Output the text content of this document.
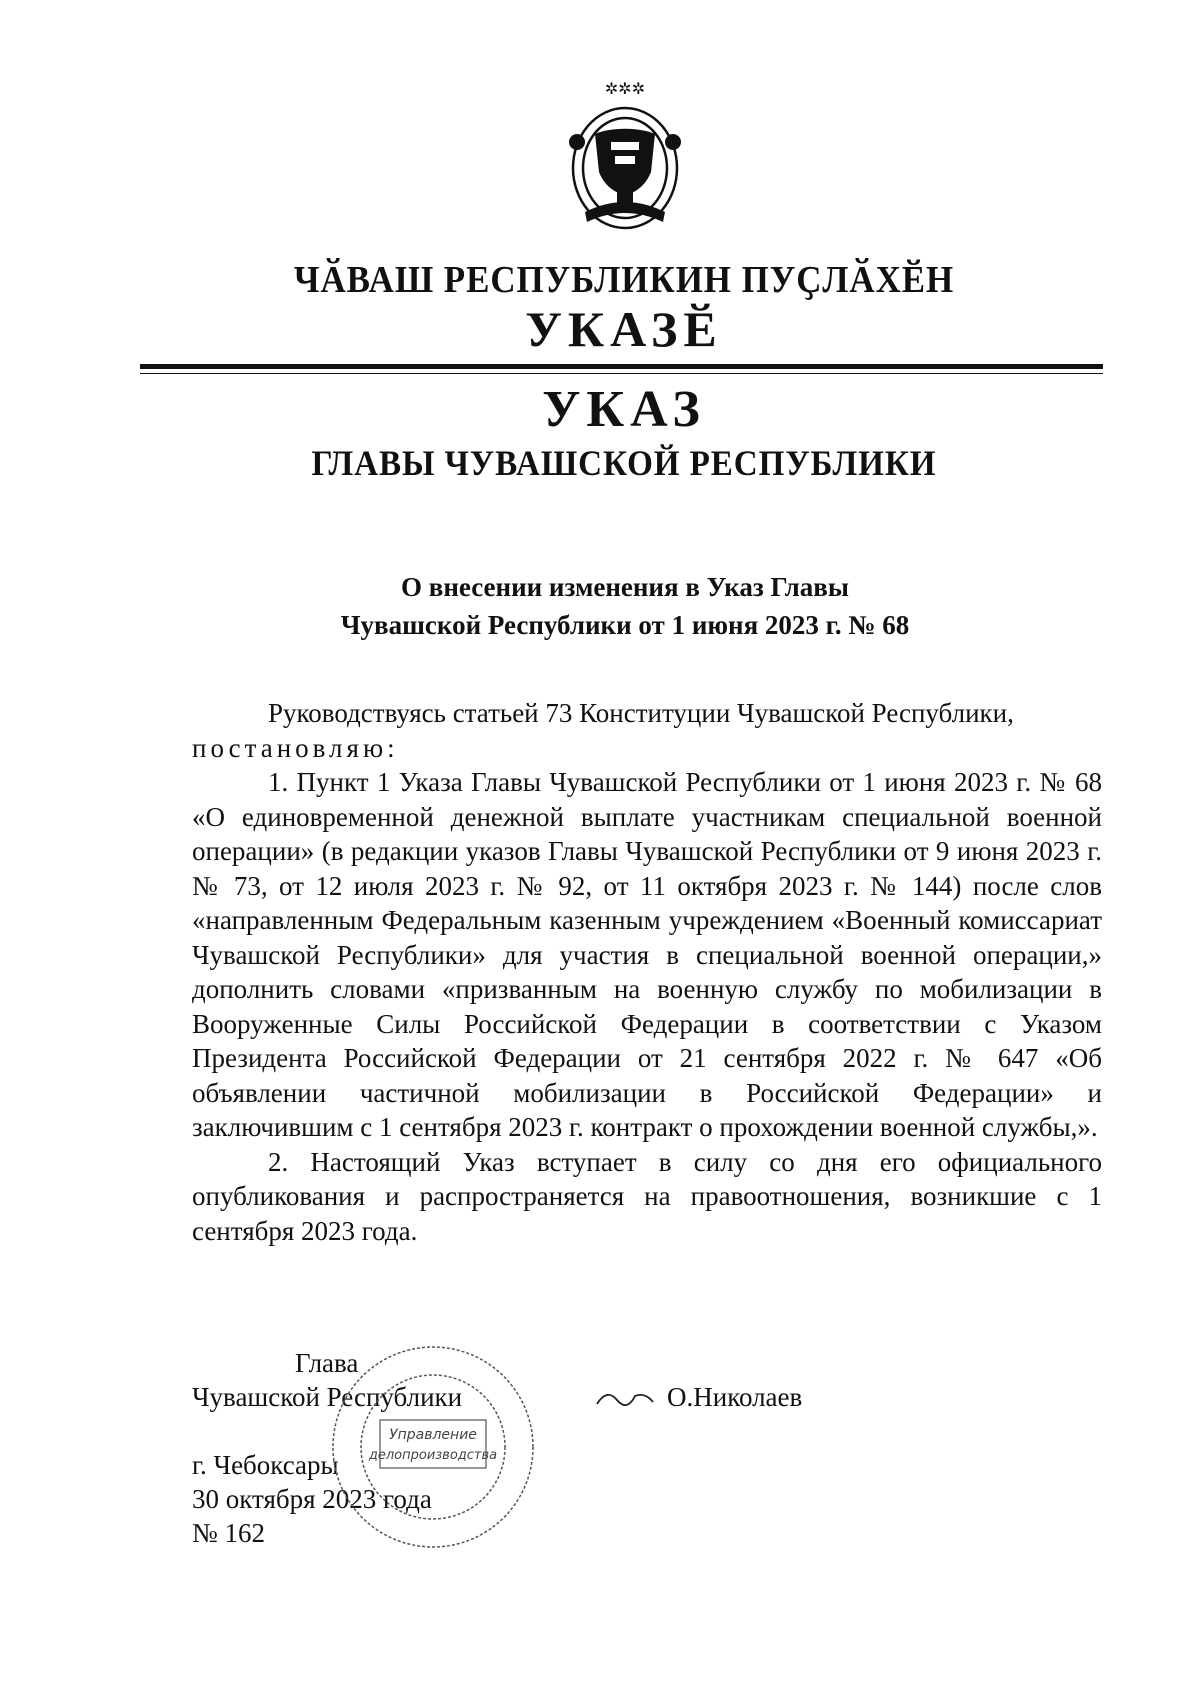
✲✲✲
ЧӐВАШ РЕСПУБЛИКИН ПУҪЛӐХӖН
УКАЗӖ
УКАЗ
ГЛАВЫ ЧУВАШСКОЙ РЕСПУБЛИКИ
О внесении изменения в Указ Главы
Чувашской Республики от 1 июня 2023 г. № 68

Руководствуясь статьей 73 Конституции Чувашской Республики,

постановляю:

1. Пункт 1 Указа Главы Чувашской Республики от 1 июня 2023 г. № 68 «О единовременной денежной выплате участникам специальной военной операции» (в редакции указов Главы Чувашской Республики от 9 июня 2023 г. № 73, от 12 июля 2023 г. № 92, от 11 октября 2023 г. № 144) после слов «направленным Федеральным казенным учреждением «Военный комиссариат Чувашской Республики» для участия в специальной военной операции,» дополнить словами «призванным на военную службу по мобилизации в Вооруженные Силы Российской Федерации в соответствии с Указом Президента Российской Федерации от 21 сентября 2022 г. № 647 «Об объявлении частичной мобилизации в Российской Федерации» и заключившим с 1 сентября 2023 г. контракт о прохождении военной службы,».

2. Настоящий Указ вступает в силу со дня его официального опубликования и распространяется на правоотношения, возникшие с 1 сентября 2023 года.

Глава
Чувашской Республики	О.Николаев
г. Чебоксары
30 октября 2023 года
№ 162
Управление
делопроизводства
